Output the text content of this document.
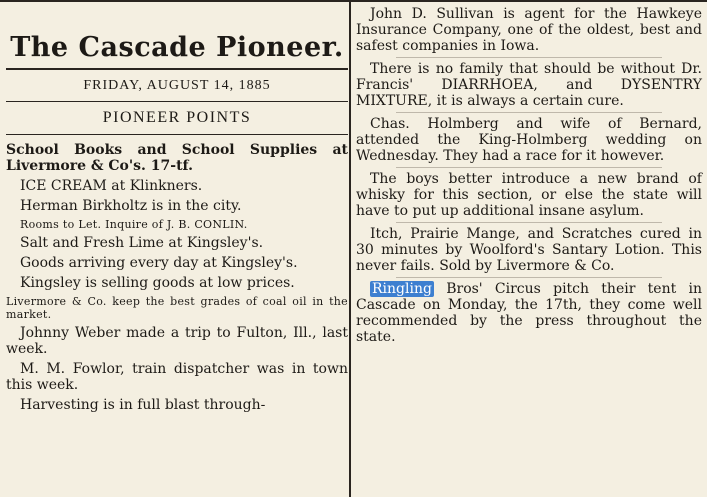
The Cascade Pioneer.
FRIDAY, AUGUST 14, 1885
PIONEER POINTS

School Books and School Supplies at Livermore & Co's. 17-tf.

ICE CREAM at Klinkners.

Herman Birkholtz is in the city.

Rooms to Let. Inquire of J. B. CONLIN.

Salt and Fresh Lime at Kingsley's.

Goods arriving every day at Kingsley's.

Kingsley is selling goods at low prices.

Livermore & Co. keep the best grades of coal oil in the market.

Johnny Weber made a trip to Fulton, Ill., last week.

M. M. Fowlor, train dispatcher was in town this week.

Harvesting is in full blast through-

John D. Sullivan is agent for the Hawkeye Insurance Company, one of the oldest, best and safest companies in Iowa.

There is no family that should be without Dr. Francis' DIARRHOEA, and DYSENTRY MIXTURE, it is always a certain cure.

Chas. Holmberg and wife of Bernard, attended the King-Holmberg wedding on Wednesday. They had a race for it however.

The boys better introduce a new brand of whisky for this section, or else the state will have to put up additional insane asylum.

Itch, Prairie Mange, and Scratches cured in 30 minutes by Woolford's Santary Lotion. This never fails. Sold by Livermore & Co.

Ringling Bros' Circus pitch their tent in Cascade on Monday, the 17th, they come well recommended by the press throughout the state.
